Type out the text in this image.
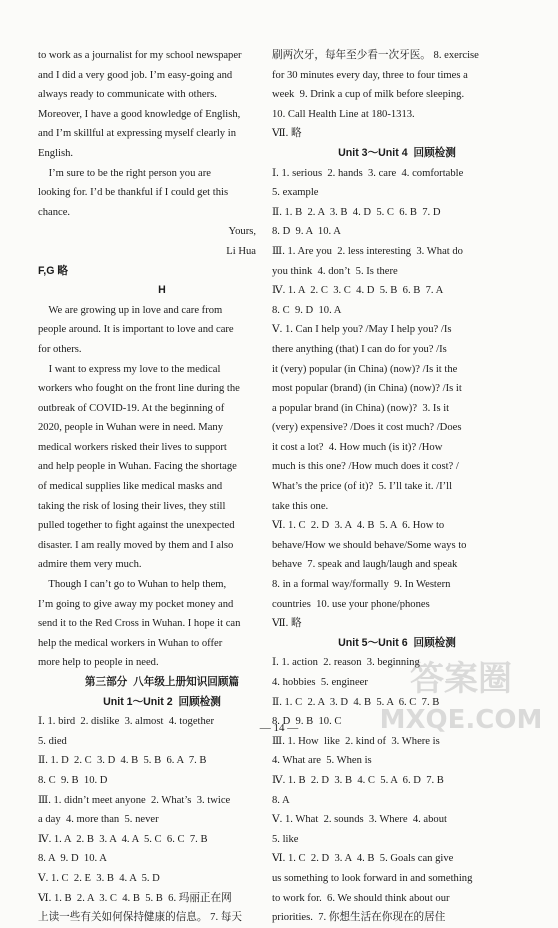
to work as a journalist for my school newspaper
and I did a very good job. I’m easy-going and
always ready to communicate with others.
Moreover, I have a good knowledge of English,
and I’m skillful at expressing myself clearly in
English.
I’m sure to be the right person you are
looking for. I’d be thankful if I could get this
chance.
Yours,
Li Hua
F,G 略
H
We are growing up in love and care from
people around. It is important to love and care
for others.
I want to express my love to the medical
workers who fought on the front line during the
outbreak of COVID-19. At the beginning of
2020, people in Wuhan were in need. Many
medical workers risked their lives to support
and help people in Wuhan. Facing the shortage
of medical supplies like medical masks and
taking the risk of losing their lives, they still
pulled together to fight against the unexpected
disaster. I am really moved by them and I also
admire them very much.
Though I can’t go to Wuhan to help them,
I’m going to give away my pocket money and
send it to the Red Cross in Wuhan. I hope it can
help the medical workers in Wuhan to offer
more help to people in need.
第三部分  八年级上册知识回顾篇
Unit 1～Unit 2  回顾检测
Ⅰ. 1. bird  2. dislike  3. almost  4. together
5. died
Ⅱ. 1. D  2. C  3. D  4. B  5. B  6. A  7. B
8. C  9. B  10. D
Ⅲ. 1. didn’t meet anyone  2. What’s  3. twice
a day  4. more than  5. never
Ⅳ. 1. A  2. B  3. A  4. A  5. C  6. C  7. B
8. A  9. D  10. A
Ⅴ. 1. C  2. E  3. B  4. A  5. D
Ⅵ. 1. B  2. A  3. C  4. B  5. B  6. 玛丽正在网
上读一些有关如何保持健康的信息。 7. 每天
刷两次牙，每年至少看一次牙医。 8. exercise
for 30 minutes every day, three to four times a
week  9. Drink a cup of milk before sleeping.
10. Call Health Line at 180-1313.
Ⅶ. 略
Unit 3～Unit 4  回顾检测
Ⅰ. 1. serious  2. hands  3. care  4. comfortable
5. example
Ⅱ. 1. B  2. A  3. B  4. D  5. C  6. B  7. D
8. D  9. A  10. A
Ⅲ. 1. Are you  2. less interesting  3. What do
you think  4. don’t  5. Is there
Ⅳ. 1. A  2. C  3. C  4. D  5. B  6. B  7. A
8. C  9. D  10. A
Ⅴ. 1. Can I help you? /May I help you? /Is
there anything (that) I can do for you? /Is
it (very) popular (in China) (now)? /Is it the
most popular (brand) (in China) (now)? /Is it
a popular brand (in China) (now)?  3. Is it
(very) expensive? /Does it cost much? /Does
it cost a lot?  4. How much (is it)? /How
much is this one? /How much does it cost? /
What’s the price (of it)?  5. I’ll take it. /I’ll
take this one.
Ⅵ. 1. C  2. D  3. A  4. B  5. A  6. How to
behave/How we should behave/Some ways to
behave  7. speak and laugh/laugh and speak
8. in a formal way/formally  9. In Western
countries  10. use your phone/phones
Ⅶ. 略
Unit 5～Unit 6  回顾检测
Ⅰ. 1. action  2. reason  3. beginning
4. hobbies  5. engineer
Ⅱ. 1. C  2. A  3. D  4. B  5. A  6. C  7. B
8. D  9. B  10. C
Ⅲ. 1. How  like  2. kind of  3. Where is
4. What are  5. When is
Ⅳ. 1. B  2. D  3. B  4. C  5. A  6. D  7. B
8. A
Ⅴ. 1. What  2. sounds  3. Where  4. about
5. like
Ⅵ. 1. C  2. D  3. A  4. B  5. Goals can give
us something to look forward in and something
to work for.  6. We should think about our
priorities.  7. 你想生活在你现在的居住
— 14 —
答案圈
MXQE.COM
